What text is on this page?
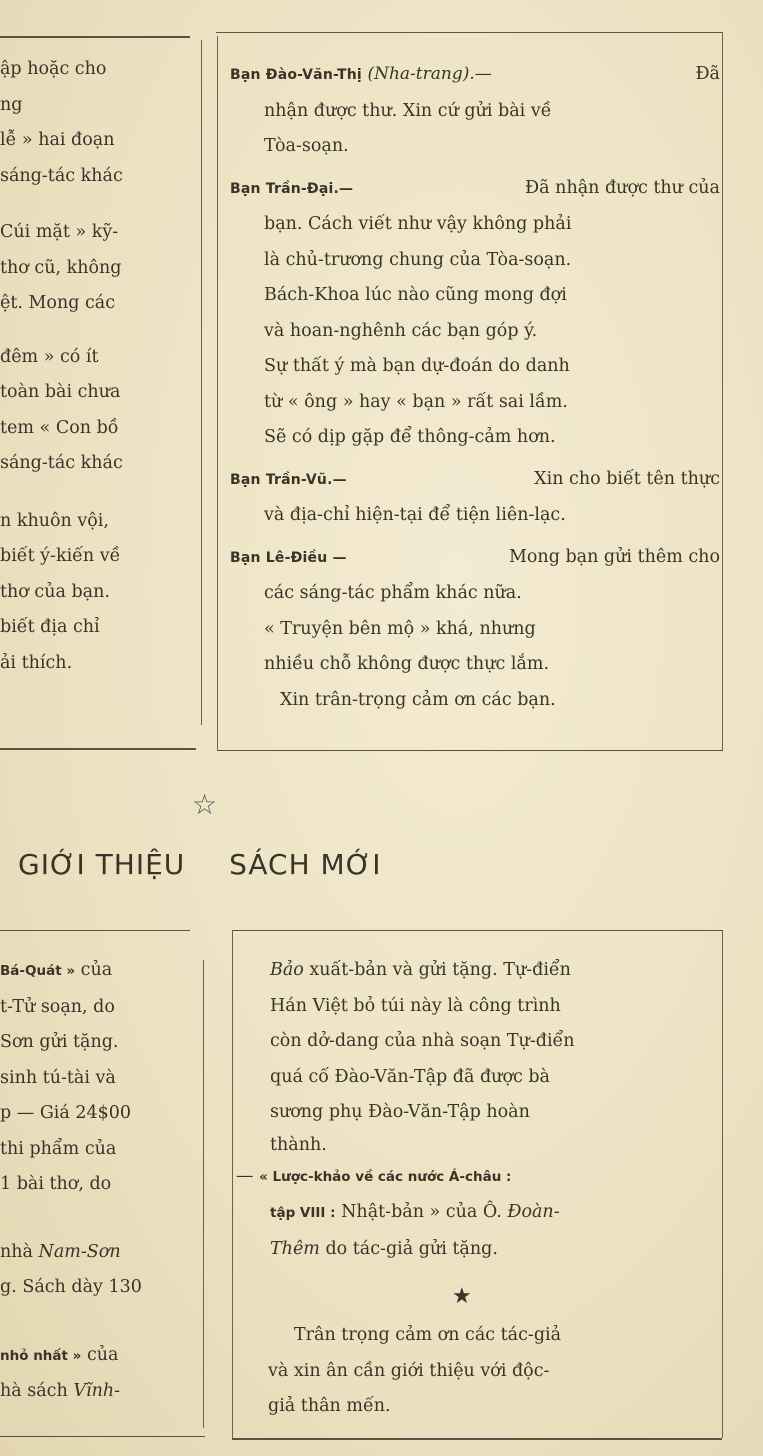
ập hoặc cho
ng
lễ » hai đoạn
sáng-tác khác
Cúi mặt » kỹ-
thơ cũ, không
ệt. Mong các
đêm » có ít
toàn bài chưa
tem « Con bồ
sáng-tác khác
n khuôn vội,
biết ý-kiến về
thơ của bạn.
biết địa chỉ
ải thích.

Bạn Đào-Văn-Thị (Nha-trang).—	Đã

nhận được thư. Xin cứ gửi bài về

Tòa-soạn.

Bạn Trần-Đại.—	Đã nhận được thư của

bạn. Cách viết như vậy không phải

là chủ-trương chung của Tòa-soạn.

Bách-Khoa lúc nào cũng mong đợi

và hoan-nghênh các bạn góp ý.

Sự thất ý mà bạn dự-đoán do danh

từ « ông » hay « bạn » rất sai lầm.

Sẽ có dịp gặp để thông-cảm hơn.

Bạn Trần-Vũ.—	Xin cho biết tên thực

và địa-chỉ hiện-tại để tiện liên-lạc.

Bạn Lê-Điều —	Mong bạn gửi thêm cho

các sáng-tác phẩm khác nữa.

« Truyện bên mộ » khá, nhưng

nhiều chỗ không được thực lắm.

Xin trân-trọng cảm ơn các bạn.

☆
GIỚI THIỆU SÁCH MỚI
Bá-Quát » của
t-Tử soạn, do
Sơn gửi tặng.
sinh tú-tài và
p — Giá 24$00
thi phẩm của
1 bài thơ, do
nhà Nam-Sơn
g. Sách dày 130
nhỏ nhất » của
hà sách Vĩnh-

Bảo xuất-bản và gửi tặng. Tự-điển

Hán Việt bỏ túi này là công trình

còn dở-dang của nhà soạn Tự-điển

quá cố Đào-Văn-Tập đã được bà

sương phụ Đào-Văn-Tập hoàn

thành.

— « Lược-khảo về các nước Á-châu :

tập VIII : Nhật-bản » của Ô. Đoàn-

Thêm do tác-giả gửi tặng.

★

Trân trọng cảm ơn các tác-giả

và xin ân cần giới thiệu với độc-

giả thân mến.
